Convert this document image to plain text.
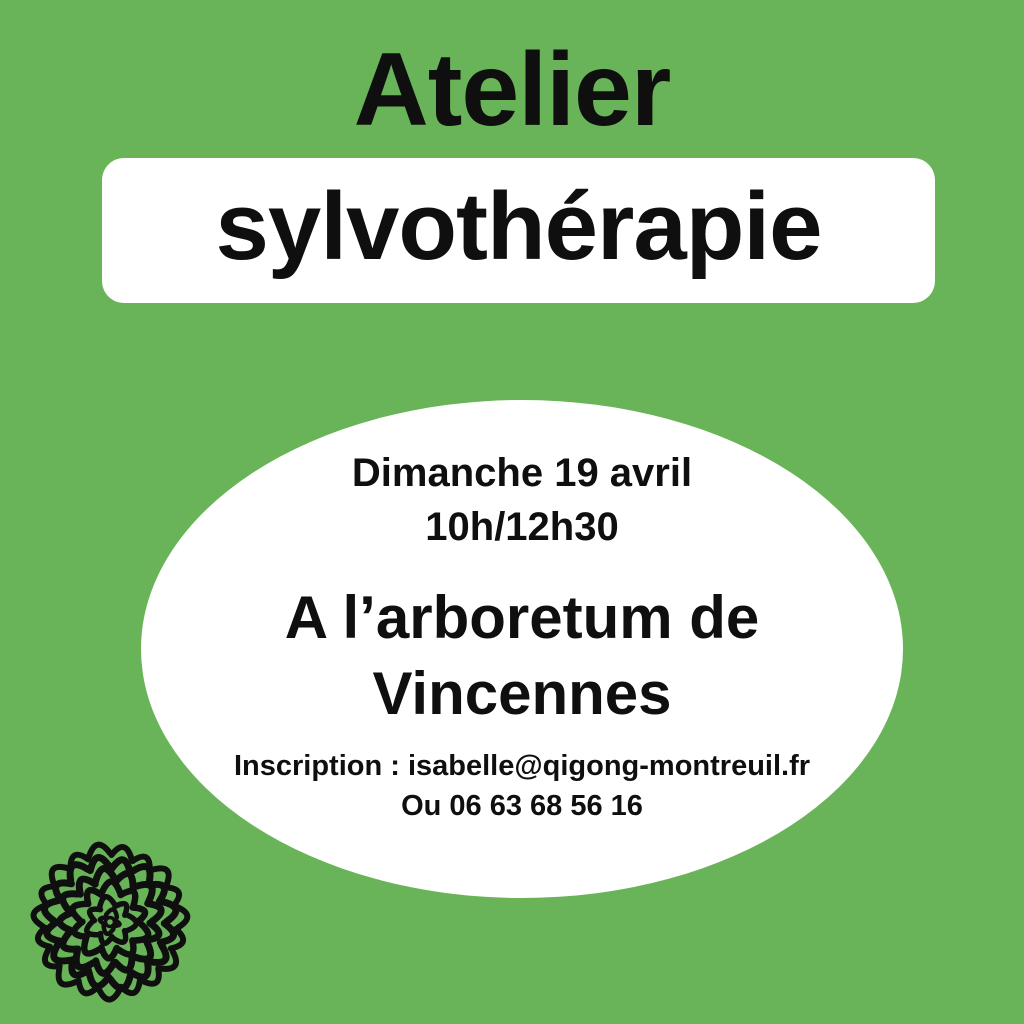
Atelier
sylvothérapie

Dimanche 19 avril

10h/12h30

A l’arboretum de

Vincennes

Inscription : isabelle@qigong-montreuil.fr

Ou 06 63 68 56 16
